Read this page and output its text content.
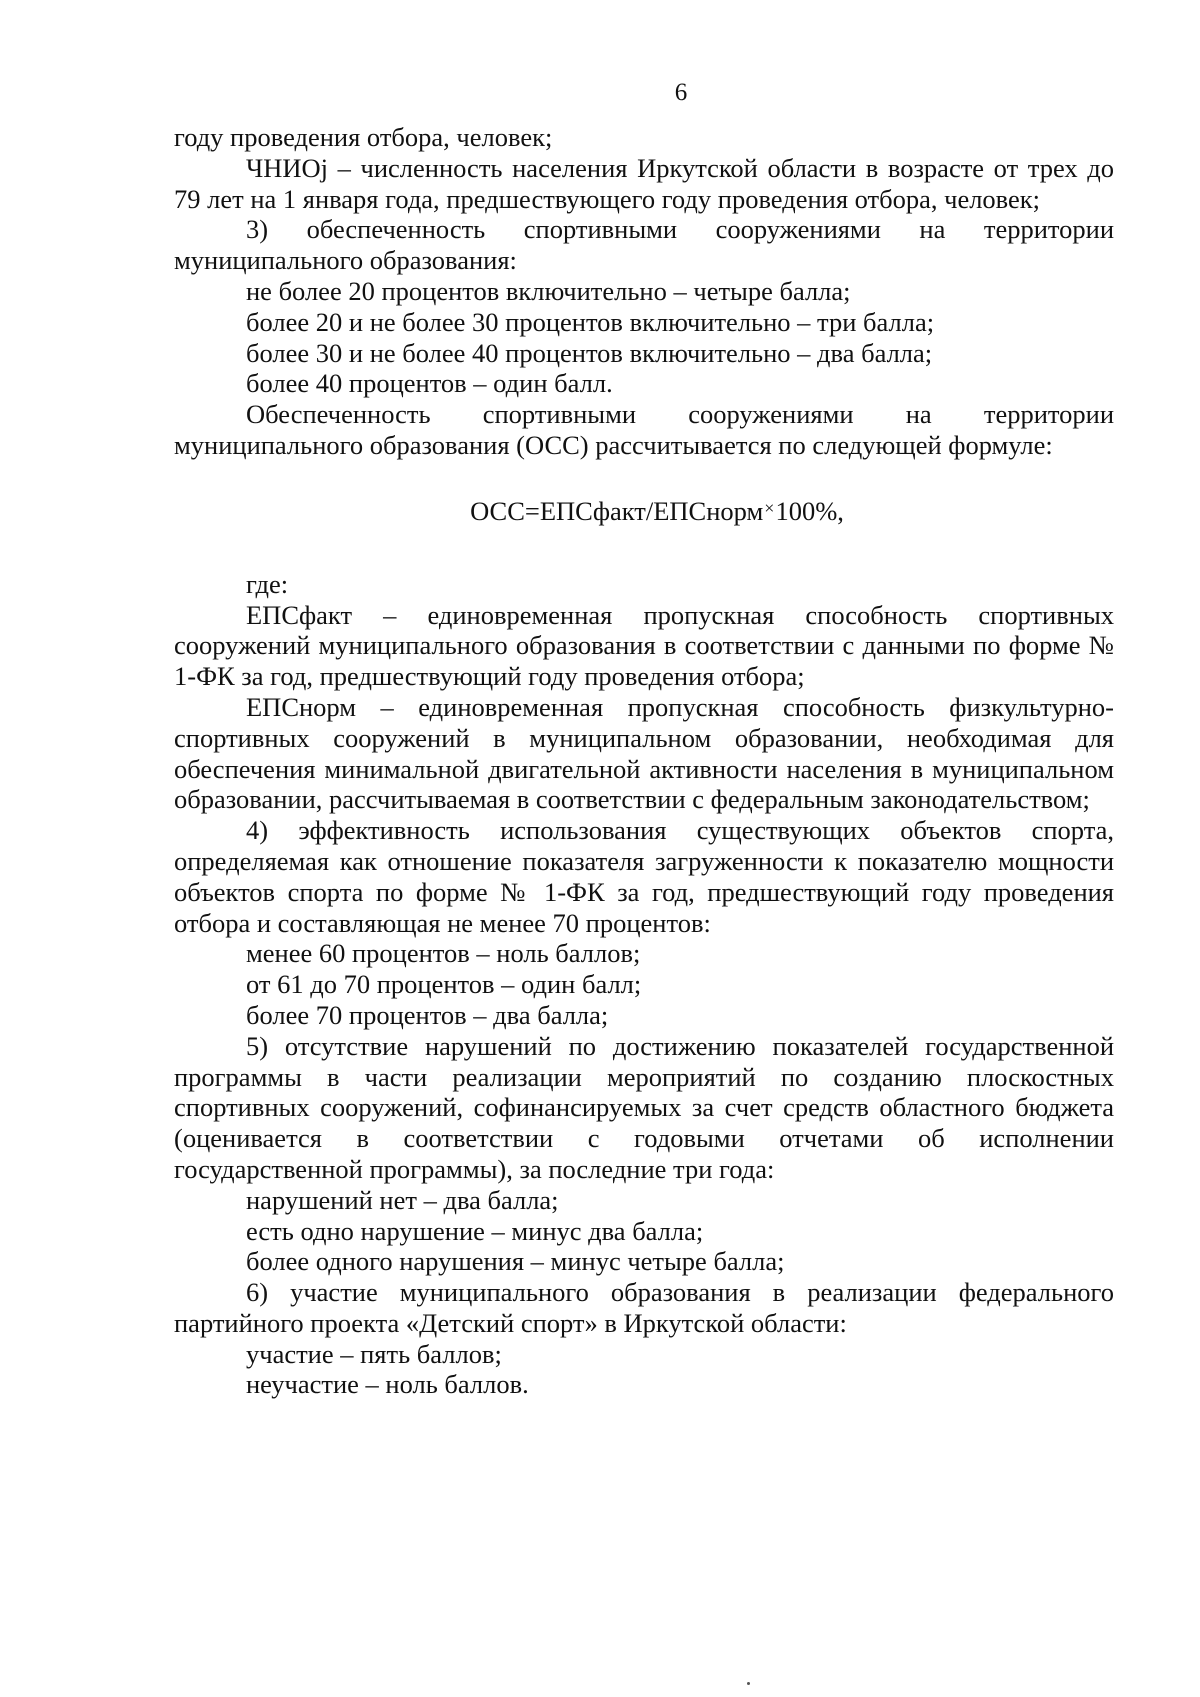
6

году проведения отбора, человек;

ЧНИОj – численность населения Иркутской области в возрасте от трех до 79 лет на 1 января года, предшествующего году проведения отбора, человек;

3) обеспеченность спортивными сооружениями на территории муниципального образования:

не более 20 процентов включительно – четыре балла;

более 20 и не более 30 процентов включительно – три балла;

более 30 и не более 40 процентов включительно – два балла;

более 40 процентов – один балл.

Обеспеченность спортивными сооружениями на территории муниципального образования (ОСС) рассчитывается по следующей формуле:

ОСС=ЕПСфакт/ЕПСнорм×100%,

где:

ЕПСфакт – единовременная пропускная способность спортивных сооружений муниципального образования в соответствии с данными по форме № 1-ФК за год, предшествующий году проведения отбора;

ЕПСнорм – единовременная пропускная способность физкультурно-спортивных сооружений в муниципальном образовании, необходимая для обеспечения минимальной двигательной активности населения в муниципальном образовании, рассчитываемая в соответствии с федеральным законодательством;

4) эффективность использования существующих объектов спорта, определяемая как отношение показателя загруженности к показателю мощности объектов спорта по форме № 1-ФК за год, предшествующий году проведения отбора и составляющая не менее 70 процентов:

менее 60 процентов – ноль баллов;

от 61 до 70 процентов – один балл;

более 70 процентов – два балла;

5) отсутствие нарушений по достижению показателей государственной программы в части реализации мероприятий по созданию плоскостных спортивных сооружений, софинансируемых за счет средств областного бюджета (оценивается в соответствии с годовыми отчетами об исполнении государственной программы), за последние три года:

нарушений нет – два балла;

есть одно нарушение – минус два балла;

более одного нарушения – минус четыре балла;

6) участие муниципального образования в реализации федерального партийного проекта «Детский спорт» в Иркутской области:

участие – пять баллов;

неучастие – ноль баллов.
